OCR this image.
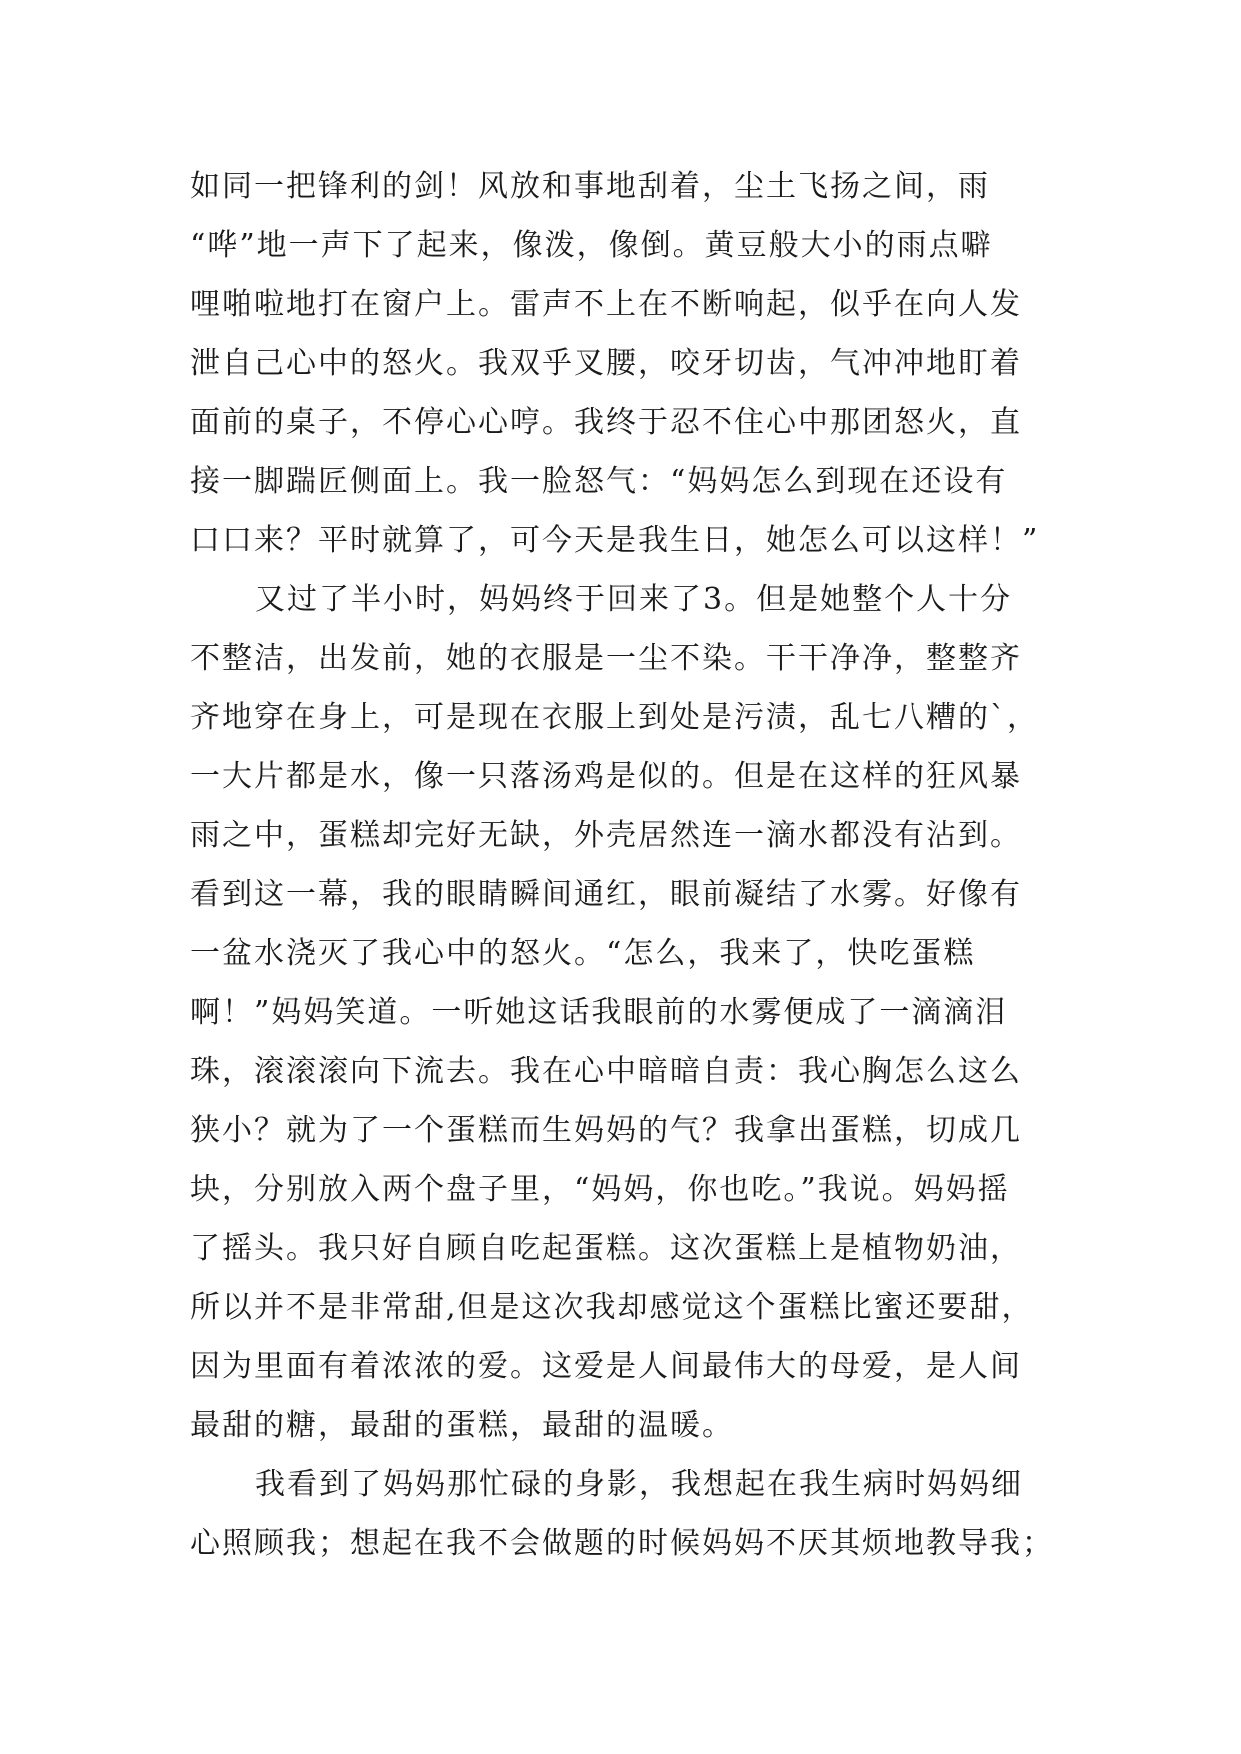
如同一把锋利的剑！风放和事地刮着，尘土飞扬之间，雨
“哗”地一声下了起来，像泼，像倒。黄豆般大小的雨点噼
哩啪啦地打在窗户上。雷声不上在不断响起，似乎在向人发
泄自己心中的怒火。我双乎叉腰，咬牙切齿，气冲冲地盯着
面前的桌子，不停心心哼。我终于忍不住心中那团怒火，直
接一脚踹匠侧面上。我一脸怒气：“妈妈怎么到现在还设有
口口来？平时就算了，可今天是我生日，她怎么可以这样！”
又过了半小时，妈妈终于回来了3。但是她整个人十分
不整洁，出发前，她的衣服是一尘不染。干干净净，整整齐
齐地穿在身上，可是现在衣服上到处是污渍，乱七八糟的`，
一大片都是水，像一只落汤鸡是似的。但是在这样的狂风暴
雨之中，蛋糕却完好无缺，外壳居然连一滴水都没有沾到。
看到这一幕，我的眼睛瞬间通红，眼前凝结了水雾。好像有
一盆水浇灭了我心中的怒火。“怎么，我来了，快吃蛋糕
啊！”妈妈笑道。一听她这话我眼前的水雾便成了一滴滴泪
珠，滚滚滚向下流去。我在心中暗暗自责：我心胸怎么这么
狭小？就为了一个蛋糕而生妈妈的气？我拿出蛋糕，切成几
块，分别放入两个盘子里，“妈妈，你也吃。”我说。妈妈摇
了摇头。我只好自顾自吃起蛋糕。这次蛋糕上是植物奶油，
所以并不是非常甜,但是这次我却感觉这个蛋糕比蜜还要甜，
因为里面有着浓浓的爱。这爱是人间最伟大的母爱，是人间
最甜的糖，最甜的蛋糕，最甜的温暖。
我看到了妈妈那忙碌的身影，我想起在我生病时妈妈细
心照顾我；想起在我不会做题的时候妈妈不厌其烦地教导我；
